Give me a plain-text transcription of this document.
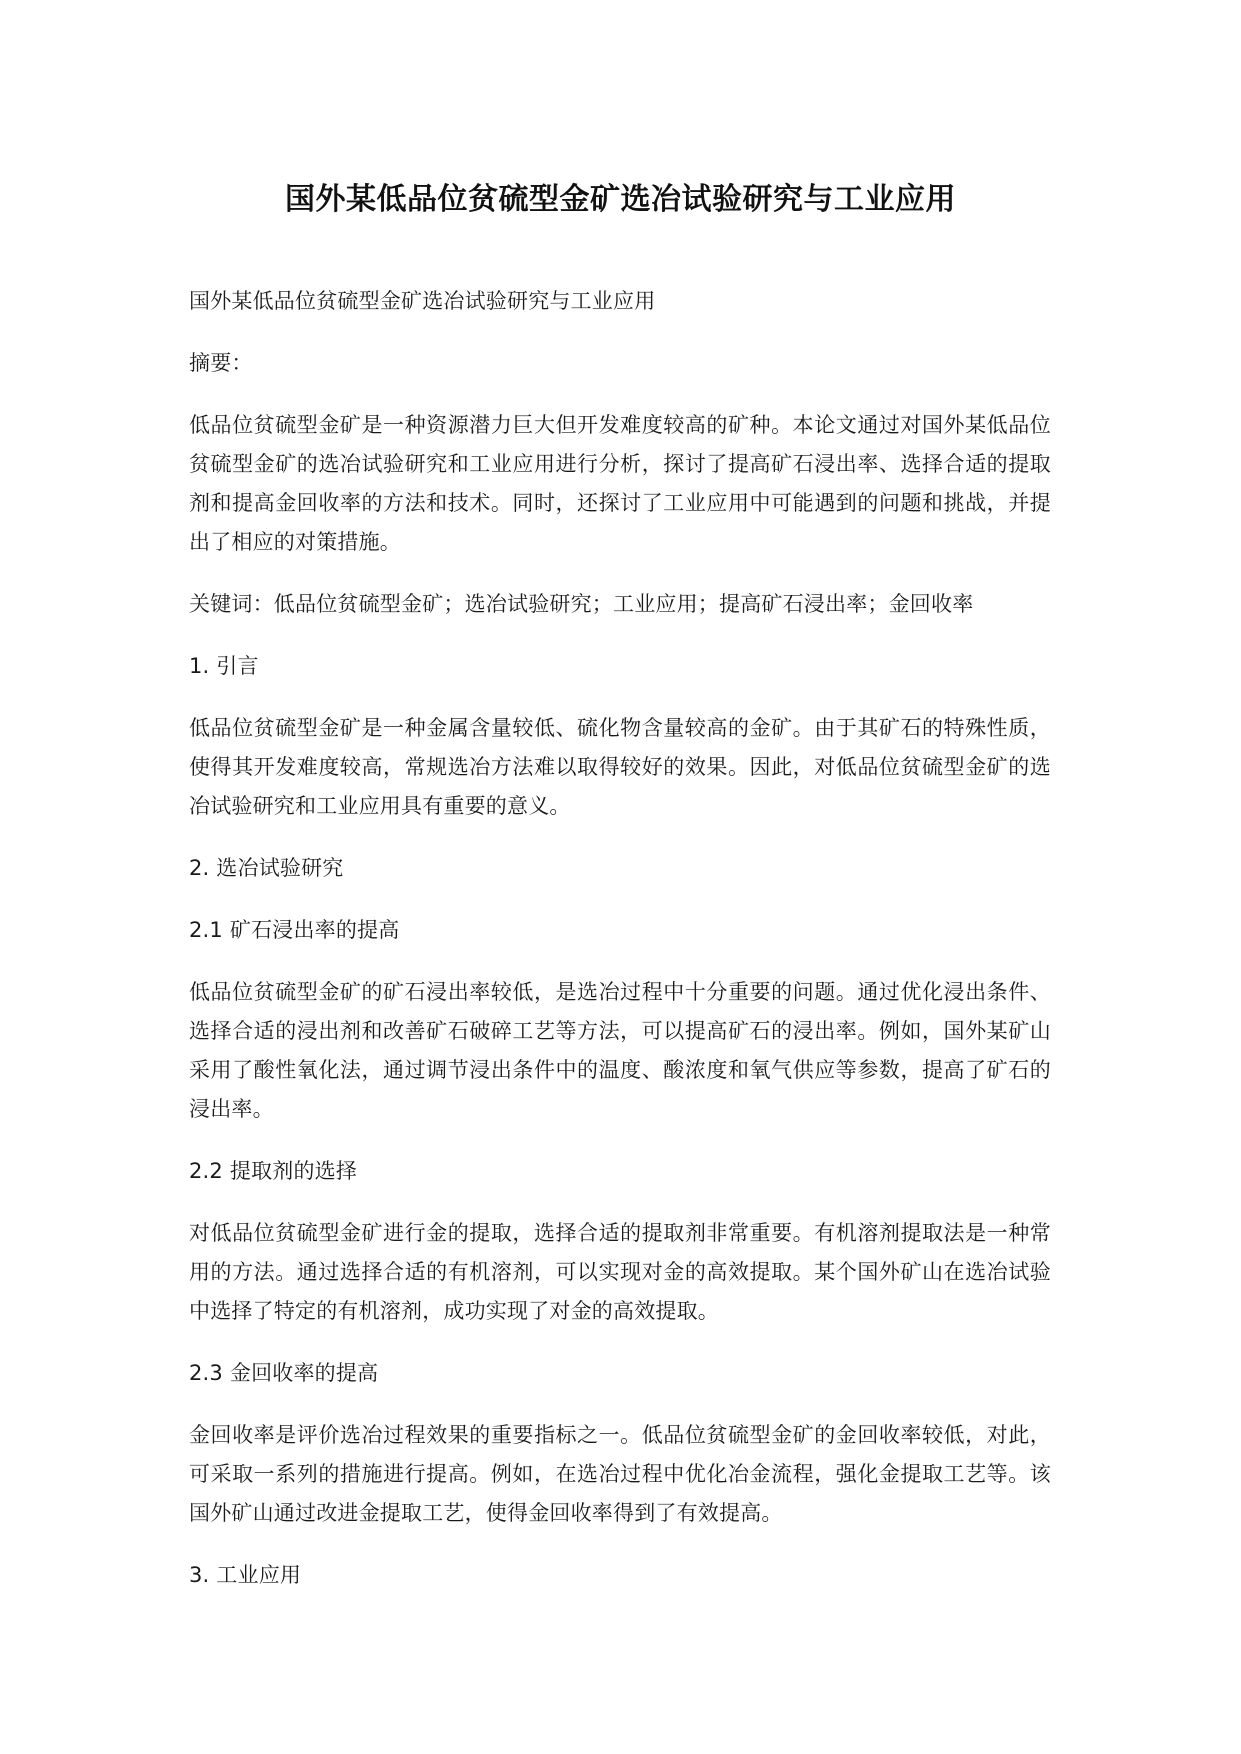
国外某低品位贫硫型金矿选冶试验研究与工业应用

国外某低品位贫硫型金矿选冶试验研究与工业应用

摘要：

低品位贫硫型金矿是一种资源潜力巨大但开发难度较高的矿种。本论文通过对国外某低品位贫硫型金矿的选冶试验研究和工业应用进行分析，探讨了提高矿石浸出率、选择合适的提取剂和提高金回收率的方法和技术。同时，还探讨了工业应用中可能遇到的问题和挑战，并提出了相应的对策措施。

关键词：低品位贫硫型金矿；选冶试验研究；工业应用；提高矿石浸出率；金回收率

1. 引言

低品位贫硫型金矿是一种金属含量较低、硫化物含量较高的金矿。由于其矿石的特殊性质，使得其开发难度较高，常规选冶方法难以取得较好的效果。因此，对低品位贫硫型金矿的选冶试验研究和工业应用具有重要的意义。

2. 选冶试验研究

2.1 矿石浸出率的提高

低品位贫硫型金矿的矿石浸出率较低，是选冶过程中十分重要的问题。通过优化浸出条件、选择合适的浸出剂和改善矿石破碎工艺等方法，可以提高矿石的浸出率。例如，国外某矿山采用了酸性氧化法，通过调节浸出条件中的温度、酸浓度和氧气供应等参数，提高了矿石的浸出率。

2.2 提取剂的选择

对低品位贫硫型金矿进行金的提取，选择合适的提取剂非常重要。有机溶剂提取法是一种常用的方法。通过选择合适的有机溶剂，可以实现对金的高效提取。某个国外矿山在选冶试验中选择了特定的有机溶剂，成功实现了对金的高效提取。

2.3 金回收率的提高

金回收率是评价选冶过程效果的重要指标之一。低品位贫硫型金矿的金回收率较低，对此，可采取一系列的措施进行提高。例如，在选冶过程中优化冶金流程，强化金提取工艺等。该国外矿山通过改进金提取工艺，使得金回收率得到了有效提高。

3. 工业应用
